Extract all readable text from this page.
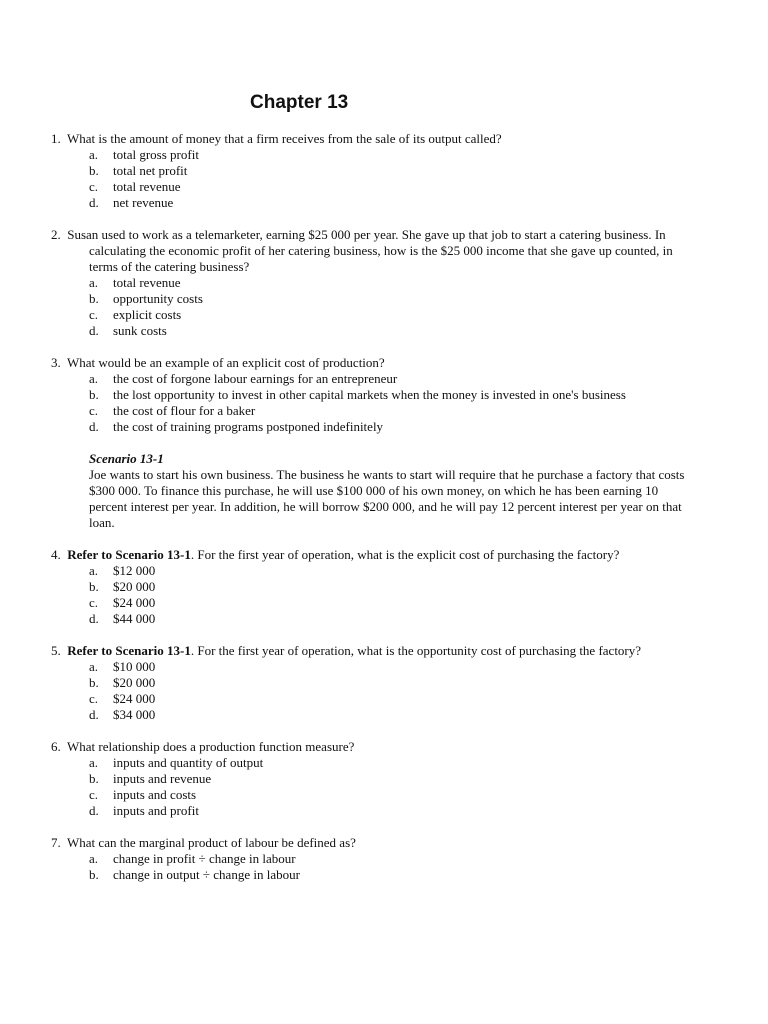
Chapter 13
1. What is the amount of money that a firm receives from the sale of its output called?
a.	total gross profit
b.	total net profit
c.	total revenue
d.	net revenue
2. Susan used to work as a telemarketer, earning $25 000 per year. She gave up that job to start a catering business. In calculating the economic profit of her catering business, how is the $25 000 income that she gave up counted, in terms of the catering business?
a.	total revenue
b.	opportunity costs
c.	explicit costs
d.	sunk costs
3. What would be an example of an explicit cost of production?
a.	the cost of forgone labour earnings for an entrepreneur
b.	the lost opportunity to invest in other capital markets when the money is invested in one's business
c.	the cost of flour for a baker
d.	the cost of training programs postponed indefinitely
Scenario 13-1
Joe wants to start his own business. The business he wants to start will require that he purchase a factory that costs $300 000. To finance this purchase, he will use $100 000 of his own money, on which he has been earning 10 percent interest per year. In addition, he will borrow $200 000, and he will pay 12 percent interest per year on that loan.
4. Refer to Scenario 13-1. For the first year of operation, what is the explicit cost of purchasing the factory?
a.	$12 000
b.	$20 000
c.	$24 000
d.	$44 000
5. Refer to Scenario 13-1. For the first year of operation, what is the opportunity cost of purchasing the factory?
a.	$10 000
b.	$20 000
c.	$24 000
d.	$34 000
6. What relationship does a production function measure?
a.	inputs and quantity of output
b.	inputs and revenue
c.	inputs and costs
d.	inputs and profit
7. What can the marginal product of labour be defined as?
a.	change in profit ÷ change in labour
b.	change in output ÷ change in labour
